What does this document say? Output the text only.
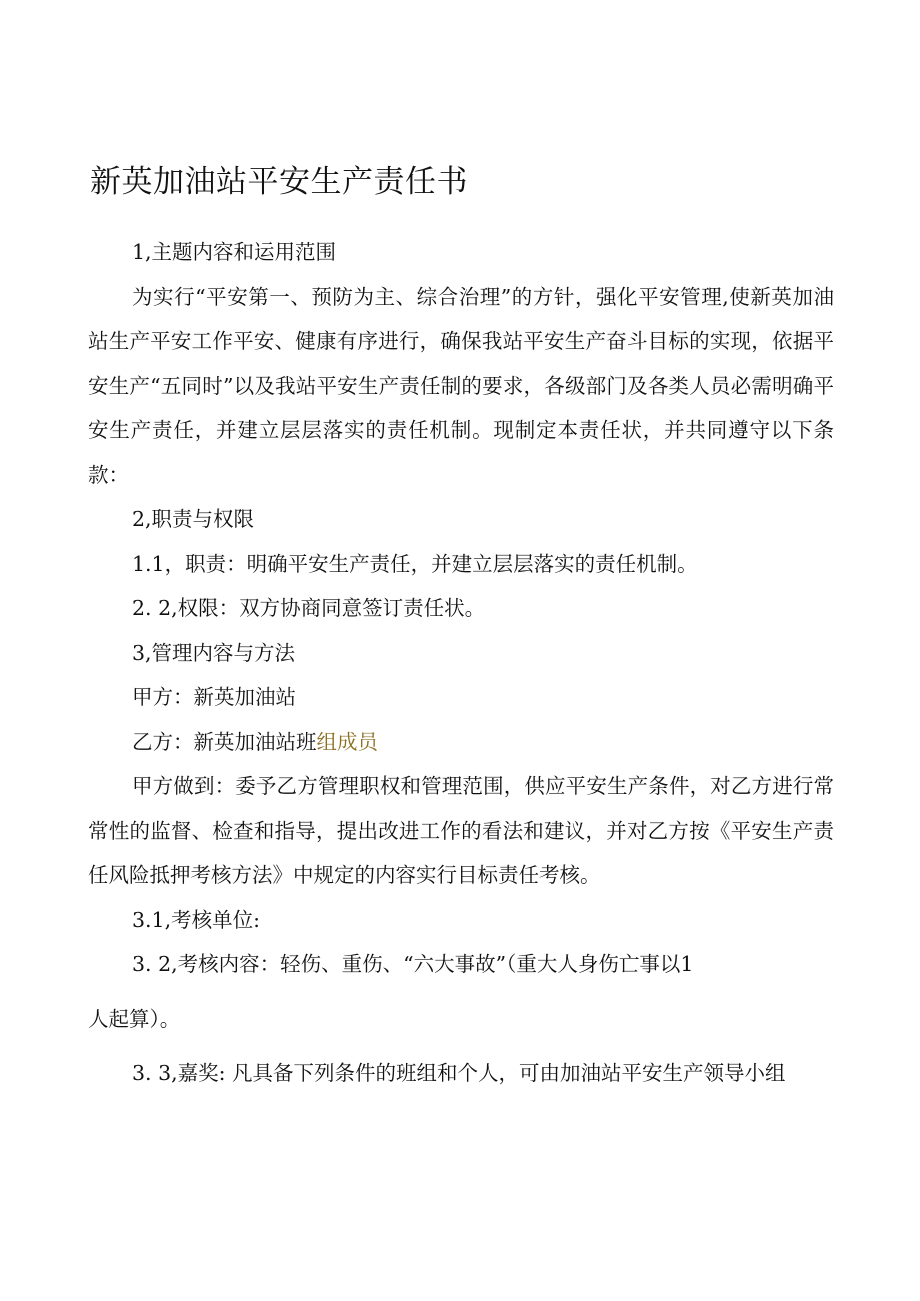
新英加油站平安生产责任书

1,主题内容和运用范围

为实行“平安第一、预防为主、综合治理”的方针，强化平安管理,使新英加油站生产平安工作平安、健康有序进行，确保我站平安生产奋斗目标的实现，依据平安生产“五同时”以及我站平安生产责任制的要求，各级部门及各类人员必需明确平安生产责任，并建立层层落实的责任机制。现制定本责任状，并共同遵守以下条款：

2,职责与权限

1.1，职责：明确平安生产责任，并建立层层落实的责任机制。

2. 2,权限：双方协商同意签订责任状。

3,管理内容与方法

甲方：新英加油站

乙方：新英加油站班组成员

甲方做到：委予乙方管理职权和管理范围，供应平安生产条件，对乙方进行常常性的监督、检查和指导，提出改进工作的看法和建议，并对乙方按《平安生产责任风险抵押考核方法》中规定的内容实行目标责任考核。

3.1,考核单位:

3. 2,考核内容：轻伤、重伤、“六大事故”（重大人身伤亡事以1

人起算）。

3. 3,嘉奖: 凡具备下列条件的班组和个人，可由加油站平安生产领导小组
